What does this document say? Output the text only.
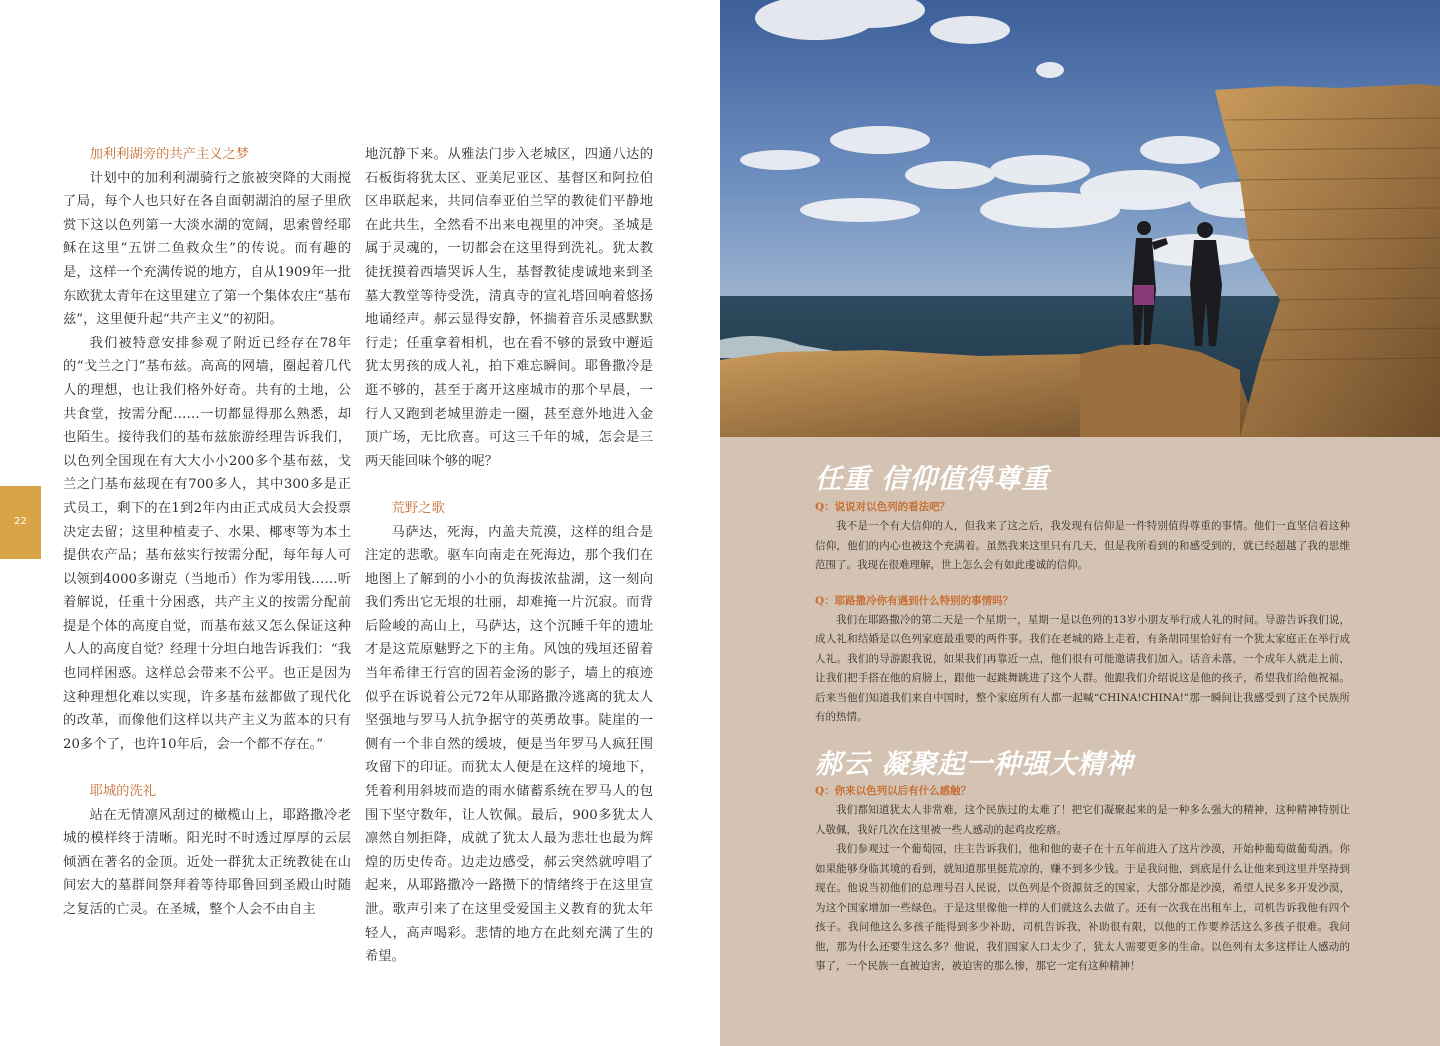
加利利湖旁的共产主义之梦

计划中的加利利湖骑行之旅被突降的大雨搅了局，每个人也只好在各自面朝湖泊的屋子里欣赏下这以色列第一大淡水湖的宽阔，思索曾经耶稣在这里“五饼二鱼救众生”的传说。而有趣的是，这样一个充满传说的地方，自从1909年一批东欧犹太青年在这里建立了第一个集体农庄“基布兹”，这里便升起“共产主义”的初阳。

我们被特意安排参观了附近已经存在78年的“戈兰之门”基布兹。高高的网墙，圈起着几代人的理想，也让我们格外好奇。共有的土地，公共食堂，按需分配……一切都显得那么熟悉，却也陌生。接待我们的基布兹旅游经理告诉我们，以色列全国现在有大大小小200多个基布兹，戈兰之门基布兹现在有700多人，其中300多是正式员工，剩下的在1到2年内由正式成员大会投票决定去留；这里种植麦子、水果、椰枣等为本土提供农产品；基布兹实行按需分配，每年每人可以领到4000多谢克（当地币）作为零用钱……听着解说，任重十分困惑，共产主义的按需分配前提是个体的高度自觉，而基布兹又怎么保证这种人人的高度自觉？经理十分坦白地告诉我们：“我也同样困惑。这样总会带来不公平。也正是因为这种理想化难以实现，许多基布兹都做了现代化的改革，而像他们这样以共产主义为蓝本的只有20多个了，也许10年后，会一个都不存在。”

耶城的洗礼

站在无情凛风刮过的橄榄山上，耶路撒冷老城的模样终于清晰。阳光时不时透过厚厚的云层倾洒在著名的金顶。近处一群犹太正统教徒在山间宏大的墓群间祭拜着等待耶鲁回到圣殿山时随之复活的亡灵。在圣城，整个人会不由自主

地沉静下来。从雅法门步入老城区，四通八达的石板街将犹太区、亚美尼亚区、基督区和阿拉伯区串联起来，共同信奉亚伯兰罕的教徒们平静地在此共生，全然看不出来电视里的冲突。圣城是属于灵魂的，一切都会在这里得到洗礼。犹太教徒抚摸着西墙哭诉人生，基督教徒虔诚地来到圣墓大教堂等待受洗，清真寺的宣礼塔回响着悠扬地诵经声。郝云显得安静，怀揣着音乐灵感默默行走；任重拿着相机，也在看不够的景致中邂逅犹太男孩的成人礼，拍下难忘瞬间。耶鲁撒冷是逛不够的，甚至于离开这座城市的那个早晨，一行人又跑到老城里游走一圈，甚至意外地进入金顶广场，无比欣喜。可这三千年的城，怎会是三两天能回味个够的呢？

荒野之歌

马萨达，死海，内盖夫荒漠，这样的组合是注定的悲歌。驱车向南走在死海边，那个我们在地图上了解到的小小的负海拔浓盐湖，这一刻向我们秀出它无垠的壮丽，却难掩一片沉寂。而背后险峻的高山上，马萨达，这个沉睡千年的遗址才是这荒原魅野之下的主角。风蚀的残垣还留着当年希律王行宫的固若金汤的影子，墙上的痕迹似乎在诉说着公元72年从耶路撒冷逃离的犹太人坚强地与罗马人抗争据守的英勇故事。陡崖的一侧有一个非自然的缓坡，便是当年罗马人疯狂围攻留下的印证。而犹太人便是在这样的境地下，凭着利用斜坡而造的雨水储蓄系统在罗马人的包围下坚守数年，让人钦佩。最后，900多犹太人凛然自刎拒降，成就了犹太人最为悲壮也最为辉煌的历史传奇。边走边感受，郝云突然就哼唱了起来，从耶路撒冷一路攒下的情绪终于在这里宣泄。歌声引来了在这里受爱国主义教育的犹太年轻人，高声喝彩。悲情的地方在此刻充满了生的希望。

22

任重 信仰值得尊重

Q：说说对以色列的看法吧？

我不是一个有大信仰的人，但我来了这之后，我发现有信仰是一件特别值得尊重的事情。他们一直坚信着这种信仰，他们的内心也被这个充满着。虽然我来这里只有几天，但是我所看到的和感受到的，就已经超越了我的思维范围了。我现在很难理解，世上怎么会有如此虔诚的信仰。

Q：耶路撒冷你有遇到什么特别的事情吗？

我们在耶路撒冷的第二天是一个星期一，星期一是以色列的13岁小朋友举行成人礼的时间。导游告诉我们说，成人礼和结婚是以色列家庭最重要的两件事。我们在老城的路上走着，有条胡同里恰好有一个犹太家庭正在举行成人礼。我们的导游跟我说，如果我们再靠近一点，他们很有可能邀请我们加入。话音未落，一个成年人就走上前，让我们把手搭在他的肩膀上，跟他一起跳舞跳进了这个人群。他跟我们介绍说这是他的孩子，希望我们给他祝福。后来当他们知道我们来自中国时，整个家庭所有人都一起喊“CHINA!CHINA!”那一瞬间让我感受到了这个民族所有的热情。

郝云 凝聚起一种强大精神

Q：你来以色列以后有什么感触？

我们都知道犹太人非常难，这个民族过的太难了！把它们凝聚起来的是一种多么强大的精神，这种精神特别让人敬佩，我好几次在这里被一些人感动的起鸡皮疙瘩。

我们参观过一个葡萄园，庄主告诉我们，他和他的妻子在十五年前进入了这片沙漠，开始种葡萄做葡萄酒。你如果能够身临其境的看到，就知道那里挺荒凉的，赚不到多少钱。于是我问他，到底是什么让他来到这里并坚持到现在。他说当初他们的总理号召人民说，以色列是个资源贫乏的国家，大部分都是沙漠，希望人民多多开发沙漠，为这个国家增加一些绿色。于是这里像他一样的人们就这么去做了。还有一次我在出租车上，司机告诉我他有四个孩子。我问他这么多孩子能得到多少补助，司机告诉我，补助很有限，以他的工作要养活这么多孩子很难。我问他，那为什么还要生这么多？他说，我们国家人口太少了，犹太人需要更多的生命。以色列有太多这样让人感动的事了，一个民族一直被迫害，被迫害的那么惨，那它一定有这种精神！
